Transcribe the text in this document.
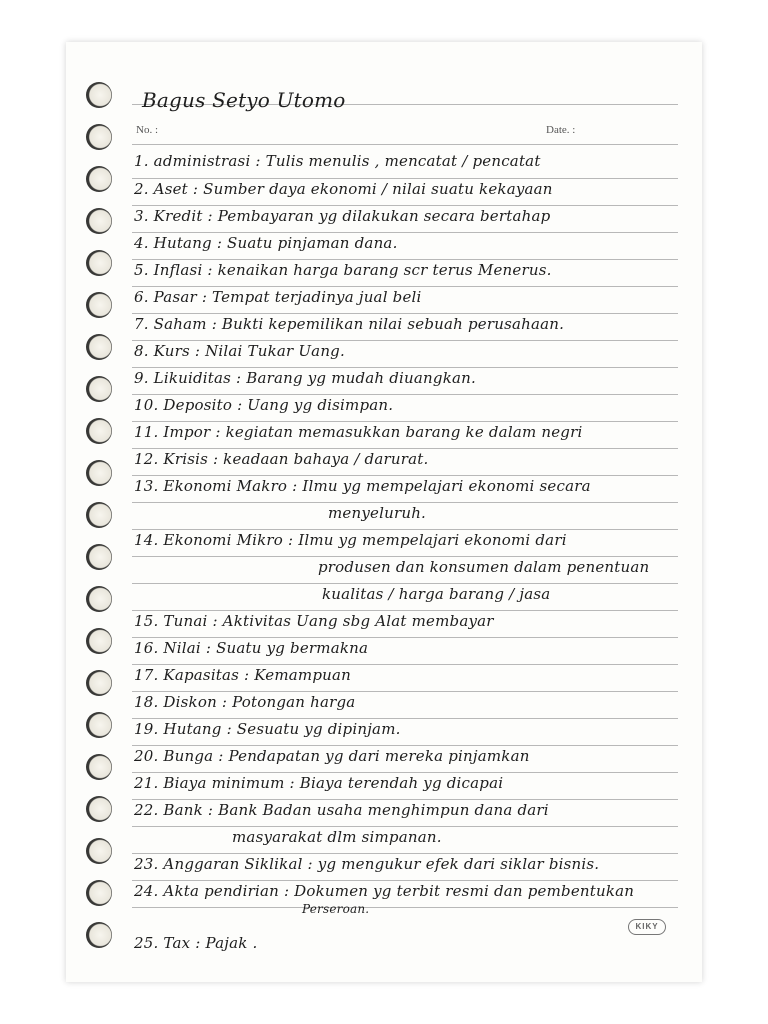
Bagus Setyo Utomo
No. :	Date. :
1. administrasi : Tulis menulis , mencatat / pencatat
2. Aset : Sumber daya ekonomi / nilai suatu kekayaan
3. Kredit : Pembayaran yg dilakukan secara bertahap
4. Hutang : Suatu pinjaman dana.
5. Inflasi : kenaikan harga barang scr terus Menerus.
6. Pasar : Tempat terjadinya jual beli
7. Saham : Bukti kepemilikan nilai sebuah perusahaan.
8. Kurs : Nilai Tukar Uang.
9. Likuiditas : Barang yg mudah diuangkan.
10. Deposito : Uang yg disimpan.
11. Impor : kegiatan memasukkan barang ke dalam negri
12. Krisis : keadaan bahaya / darurat.
13. Ekonomi Makro : Ilmu yg mempelajari ekonomi secara
menyeluruh.
14. Ekonomi Mikro : Ilmu yg mempelajari ekonomi dari
produsen dan konsumen dalam penentuan
kualitas / harga barang / jasa
15. Tunai : Aktivitas Uang sbg Alat membayar
16. Nilai : Suatu yg bermakna
17. Kapasitas : Kemampuan
18. Diskon : Potongan harga
19. Hutang : Sesuatu yg dipinjam.
20. Bunga : Pendapatan yg dari mereka pinjamkan
21. Biaya minimum : Biaya terendah yg dicapai
22. Bank : Bank Badan usaha menghimpun dana dari
masyarakat dlm simpanan.
23. Anggaran Siklikal : yg mengukur efek dari siklar bisnis.
24. Akta pendirian : Dokumen yg terbit resmi dan pembentukan
Perseroan.
25. Tax : Pajak .
KIKY
